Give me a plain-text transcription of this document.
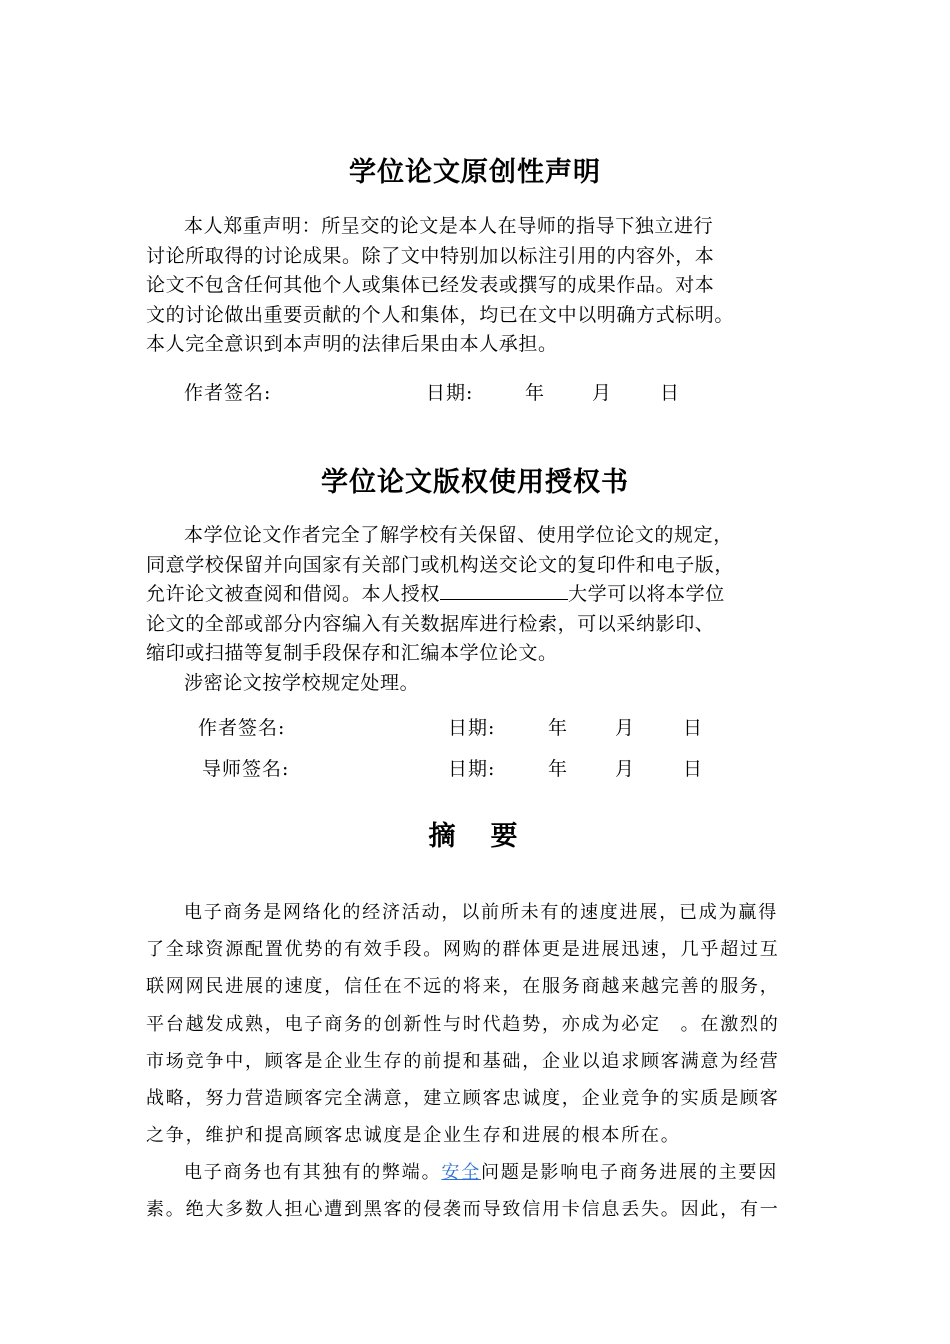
学位论文原创性声明
本人郑重声明：所呈交的论文是本人在导师的指导下独立进行
讨论所取得的讨论成果。除了文中特别加以标注引用的内容外，本
论文不包含任何其他个人或集体已经发表或撰写的成果作品。对本
文的讨论做出重要贡献的个人和集体，均已在文中以明确方式标明。
本人完全意识到本声明的法律后果由本人承担。
作者签名:	日期:	年 月	日
学位论文版权使用授权书
本学位论文作者完全了解学校有关保留、使用学位论文的规定，
同意学校保留并向国家有关部门或机构送交论文的复印件和电子版，
允许论文被查阅和借阅。本人授权	大学可以将本学位
论文的全部或部分内容编入有关数据库进行检索，可以采纳影印、
缩印或扫描等复制手段保存和汇编本学位论文。
涉密论文按学校规定处理。
作者签名:	日期:	年 月	日
导师签名:	日期:	年 月	日
摘　要
电子商务是网络化的经济活动，以前所未有的速度进展，已成为赢得
了全球资源配置优势的有效手段。网购的群体更是进展迅速，几乎超过互
联网网民进展的速度，信任在不远的将来，在服务商越来越完善的服务，
平台越发成熟，电子商务的创新性与时代趋势，亦成为必定　。在激烈的
市场竞争中，顾客是企业生存的前提和基础，企业以追求顾客满意为经营
战略，努力营造顾客完全满意，建立顾客忠诚度，企业竞争的实质是顾客
之争，维护和提高顾客忠诚度是企业生存和进展的根本所在。
电子商务也有其独有的弊端。安全问题是影响电子商务进展的主要因
素。绝大多数人担心遭到黑客的侵袭而导致信用卡信息丢失。因此，有一
